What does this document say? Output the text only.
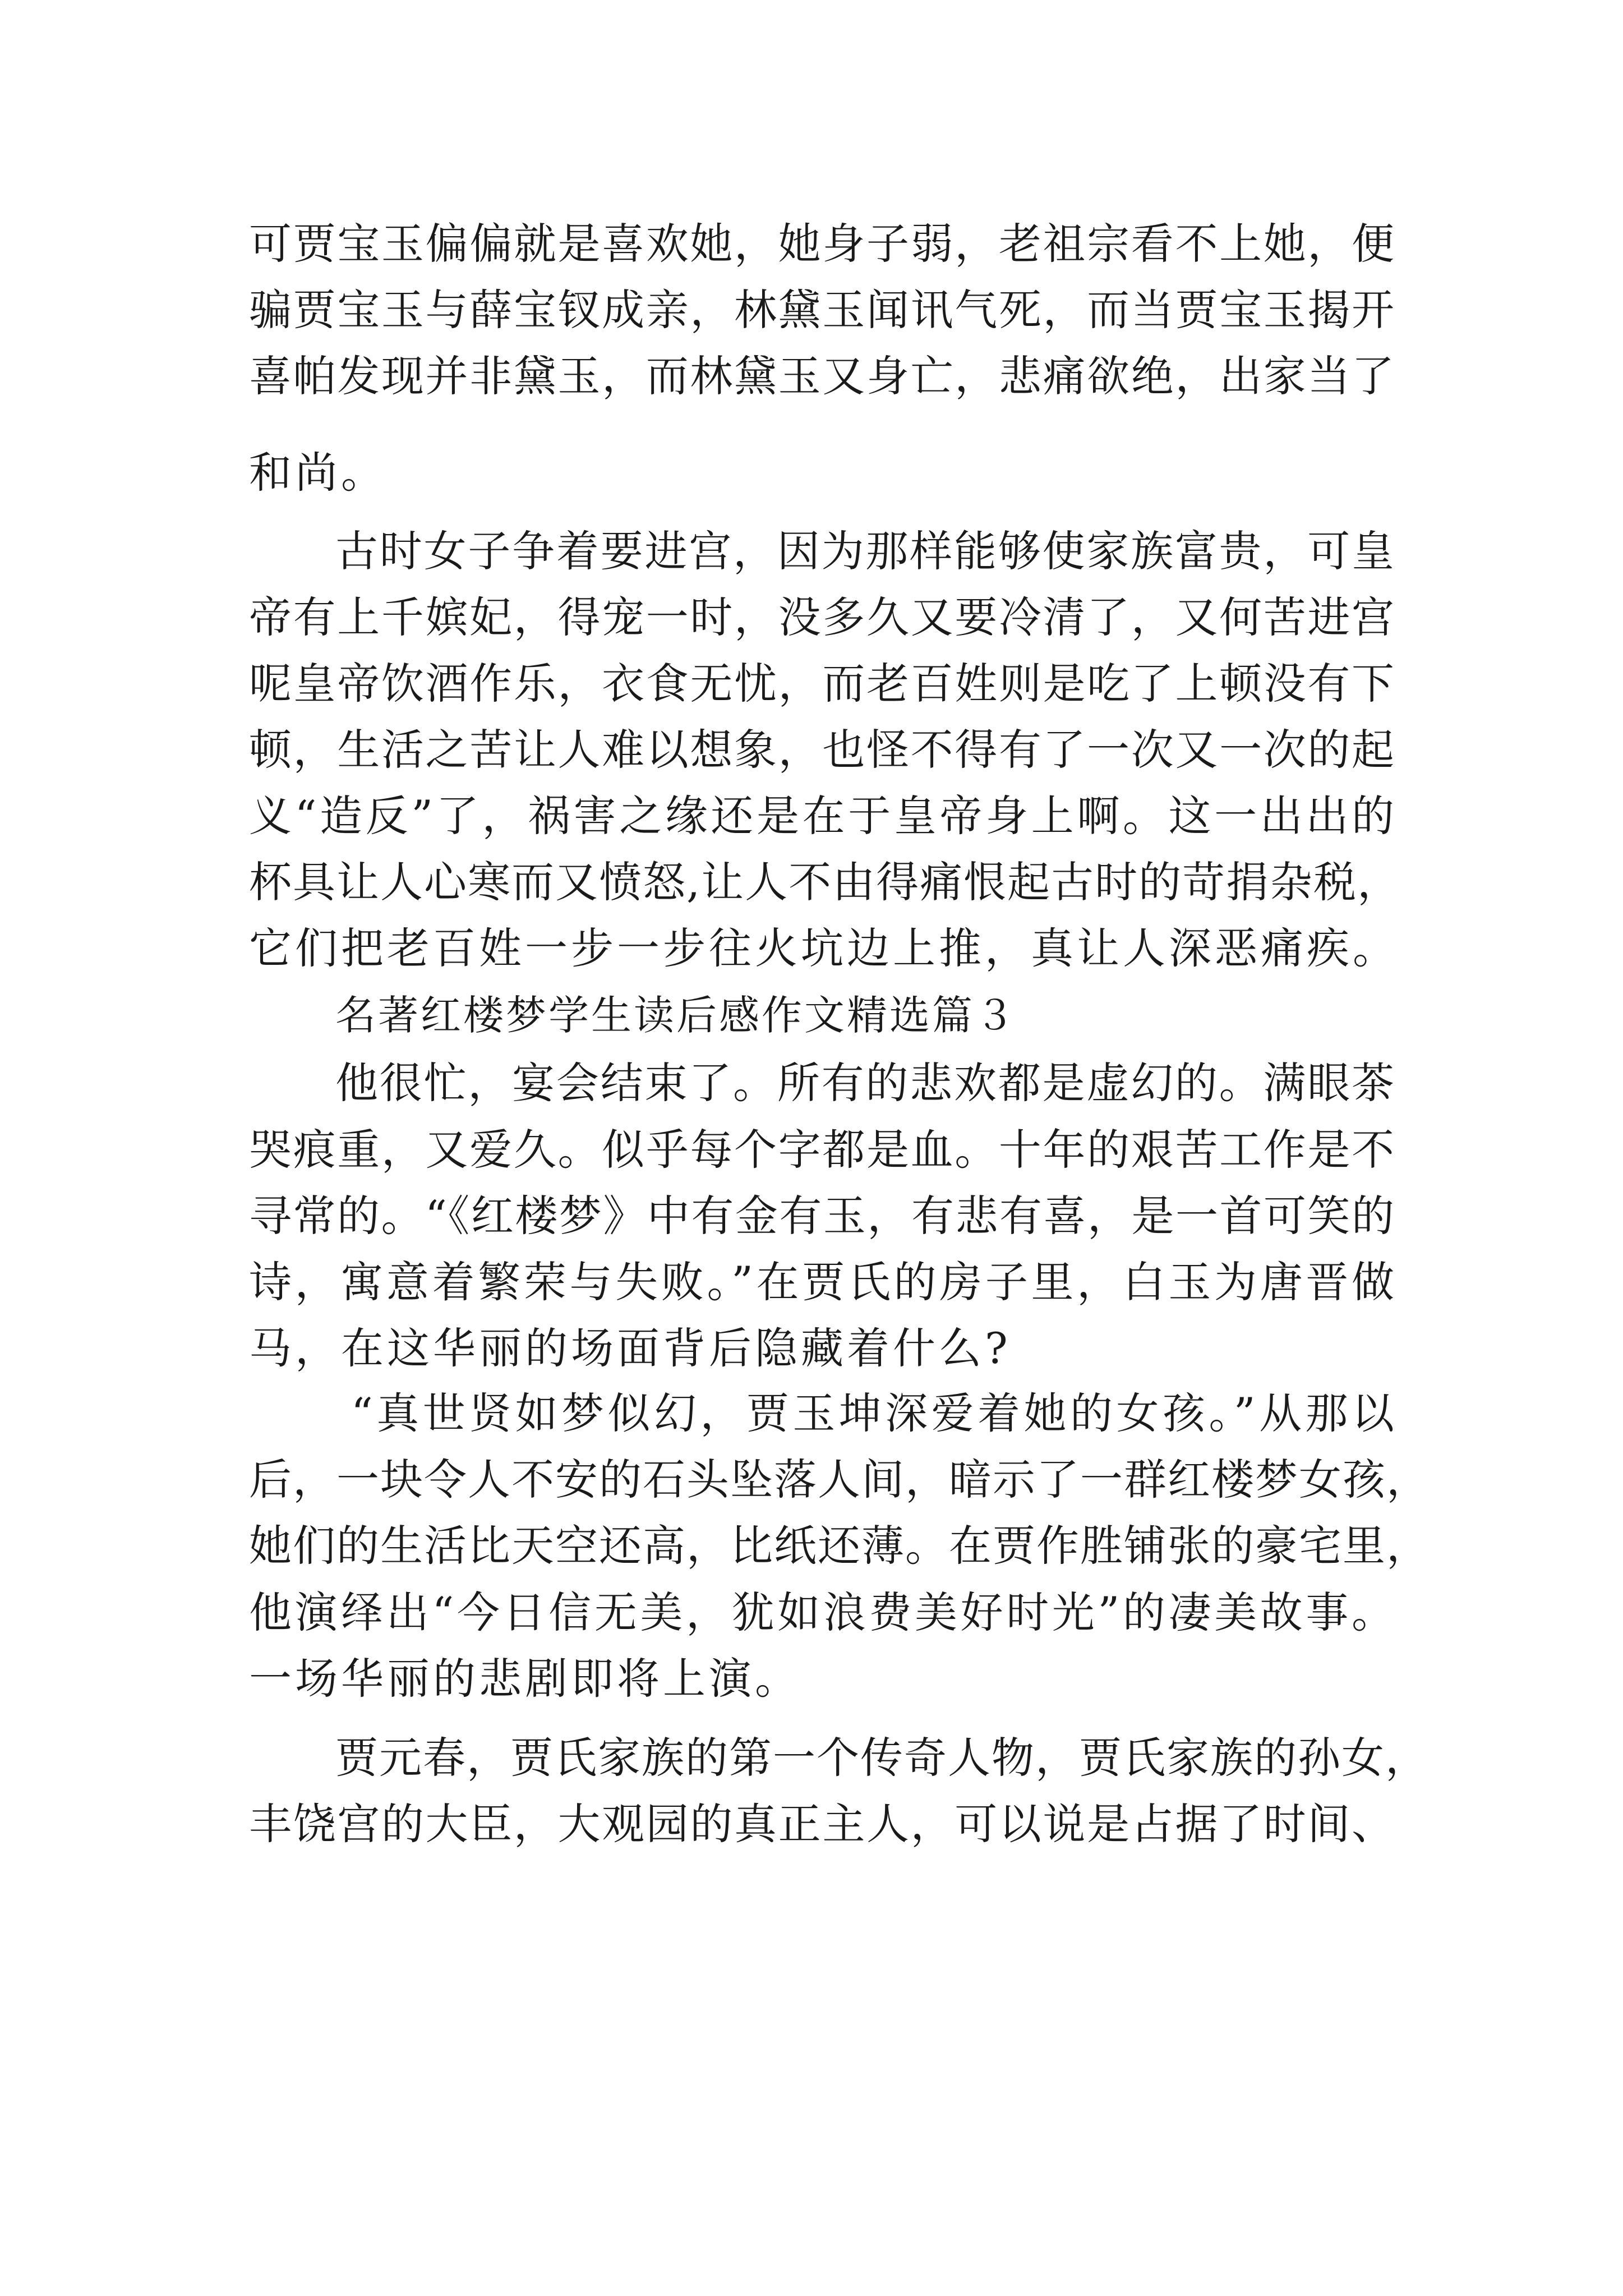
可贾宝玉偏偏就是喜欢她，她身子弱，老祖宗看不上她，便

骗贾宝玉与薛宝钗成亲，林黛玉闻讯气死，而当贾宝玉揭开

喜帕发现并非黛玉，而林黛玉又身亡，悲痛欲绝，出家当了

和尚。

古时女子争着要进宫，因为那样能够使家族富贵，可皇

帝有上千嫔妃，得宠一时，没多久又要冷清了，又何苦进宫

呢皇帝饮酒作乐，衣食无忧，而老百姓则是吃了上顿没有下

顿，生活之苦让人难以想象，也怪不得有了一次又一次的起

义“造反”了，祸害之缘还是在于皇帝身上啊。这一出出的

杯具让人心寒而又愤怒,让人不由得痛恨起古时的苛捐杂税，

它们把老百姓一步一步往火坑边上推，真让人深恶痛疾。

名著红楼梦学生读后感作文精选篇３

他很忙，宴会结束了。所有的悲欢都是虚幻的。满眼茶

哭痕重，又爱久。似乎每个字都是血。十年的艰苦工作是不

寻常的。“《红楼梦》中有金有玉，有悲有喜，是一首可笑的

诗，寓意着繁荣与失败。”在贾氏的房子里，白玉为唐晋做

马，在这华丽的场面背后隐藏着什么?

“真世贤如梦似幻，贾玉坤深爱着她的女孩。”从那以

后，一块令人不安的石头坠落人间，暗示了一群红楼梦女孩，

她们的生活比天空还高，比纸还薄。在贾作胜铺张的豪宅里，

他演绎出“今日信无美，犹如浪费美好时光”的凄美故事。

一场华丽的悲剧即将上演。

贾元春，贾氏家族的第一个传奇人物，贾氏家族的孙女，

丰饶宫的大臣，大观园的真正主人，可以说是占据了时间、
